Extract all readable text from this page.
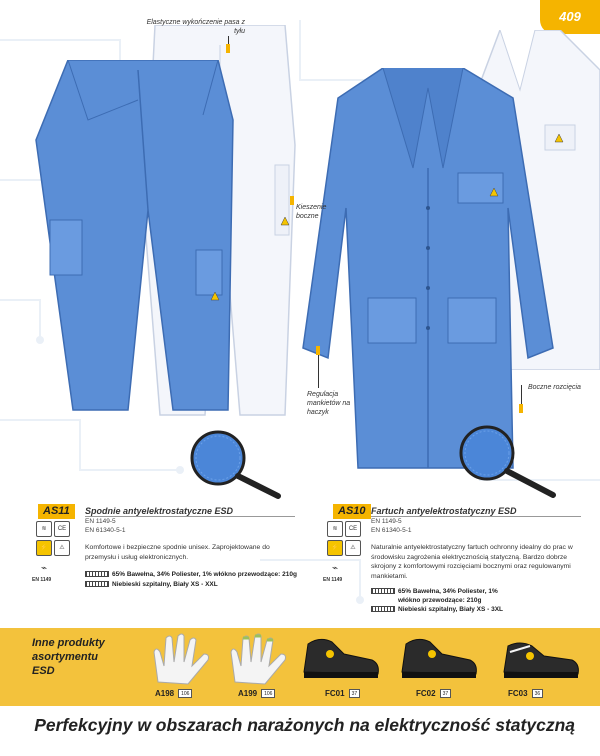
409
Elastyczne wykończenie pasa z tyłu
Kieszenie boczne
Regulacja mankietów na haczyk
Boczne rozcięcia
AS11	Spodnie antyelektrostatyczne ESD
EN 1149-5
EN 61340-5-1
≋	CE
⚡	⚠
⌁
EN 1149
Komfortowe i bezpieczne spodnie unisex. Zaprojektowane do przemysłu i usług elektronicznych.
65% Bawełna, 34% Poliester, 1% włókno przewodzące: 210g
Niebieski szpitalny, Biały XS - XXL
AS10 Fartuch antyelektrostatyczny ESD
EN 1149-5
EN 61340-5-1
≋	CE
⚡	⚠
⌁
EN 1149
Naturalnie antyelektrostatyczny fartuch ochronny idealny do prac w środowisku zagrożenia elektrycznością statyczną. Bardzo dobrze skrojony z komfortowymi rozcięciami bocznymi oraz regulowanymi mankietami.
65% Bawełna, 34% Poliester, 1%
włókno przewodzące: 210g
Niebieski szpitalny, Biały XS - 3XL
Inne produkty
asortymentu
ESD
A198 106	A199 106	FC01 37	FC02 37	FC03 36
Perfekcyjny w obszarach narażonych na elektryczność statyczną
